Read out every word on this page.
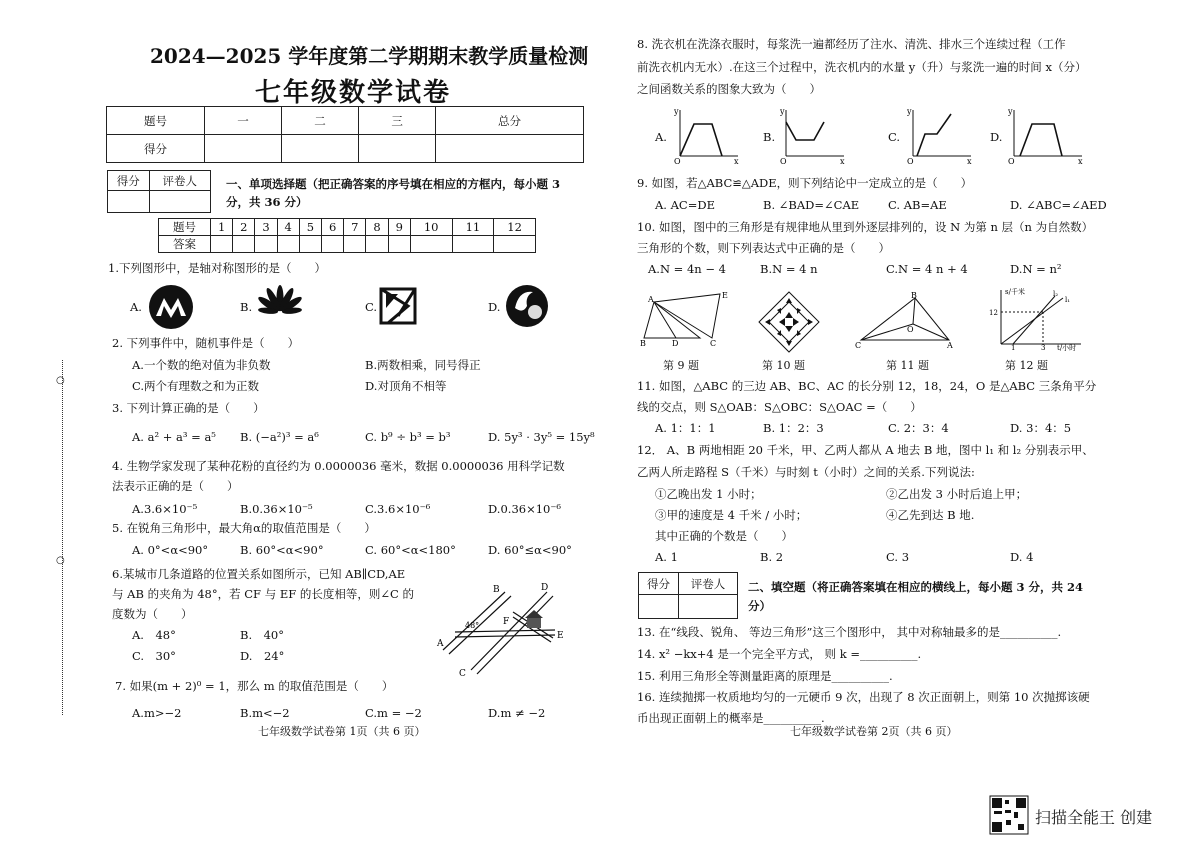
○
○
2024—2025 学年度第二学期期末教学质量检测
七年级数学试卷
题号	一	二	三	总分
得分				
得分	评卷人
		一、单项选择题（把正确答案的序号填在相应的方框内，每小题 3
分，共 36 分）
题号	1	2	3	4	5	6	7	8	9	10	11	12
答案												
1.下列图形中，是轴对称图形的是（　　）
A.	B.	C.	D.
2. 下列事件中，随机事件是（　　）
A.一个数的绝对值为非负数	B.两数相乘，同号得正
C.两个有理数之和为正数	D.对顶角不相等
3. 下列计算正确的是（　　）
A. a² + a³ = a⁵ B. (−a²)³ = a⁶	C. b⁹ ÷ b³ = b³	D. 5y³ · 3y⁵ = 15y⁸
4. 生物学家发现了某种花粉的直径约为 0.0000036 毫米，数据 0.0000036 用科学记数
法表示正确的是（　　）
A.3.6×10⁻⁵	B.0.36×10⁻⁵	C.3.6×10⁻⁶	D.0.36×10⁻⁶
5. 在锐角三角形中，最大角α的取值范围是（　　）
A. 0°<α<90°	B. 60°<α<90°	C. 60°<α<180°	D. 60°≤α<90°
6.某城市几条道路的位置关系如图所示，已知 AB∥CD,AE
与 AB 的夹角为 48°，若 CF 与 EF 的长度相等，则∠C 的
度数为（　　）
A.　48°	B.　40°
C.　30°	D.　24°
A
B
C
D
E
F
48°
7. 如果(m + 2)⁰ = 1，那么 m 的取值范围是（　　）
A.m>−2	B.m<−2	C.m = −2	D.m ≠ −2
七年级数学试卷第 1页（共 6 页）
8. 洗衣机在洗涤衣服时，每浆洗一遍都经历了注水、清洗、排水三个连续过程（工作
前洗衣机内无水）.在这三个过程中，洗衣机内的水量 y（升）与浆洗一遍的时间 x（分）
之间函数关系的图象大致为（　　）
A.
y
x
O
B.
y
x
O
C.
y
x
O
D.
y
x
O
9. 如图，若△ABC≌△ADE，则下列结论中一定成立的是（　　）
A. AC=DE	B. ∠BAD=∠CAE	C. AB=AE	D. ∠ABC=∠AED
10. 如图，图中的三角形是有规律地从里到外逐层排列的，设 N 为第 n 层（n 为自然数）
三角形的个数，则下列表达式中正确的是（　　）
A.N = 4n − 4	B.N = 4 n	C.N = 4 n + 4	D.N = n²
A
B	D	C
E
第 9 题	第 10 题
C
B
A
O
第 11 题
s/千米
t/小时
12
1	3
l₂
l₁
第 12 题
11. 如图，△ABC 的三边 AB、BC、AC 的长分别 12，18，24，O 是△ABC 三条角平分
线的交点，则 S△OAB：S△OBC：S△OAC =（　　）
A. 1：1：1	B. 1：2：3	C. 2：3：4	D. 3：4：5
12． A、B 两地相距 20 千米，甲、乙两人都从 A 地去 B 地，图中 l₁ 和 l₂ 分别表示甲、
乙两人所走路程 S（千米）与时刻 t（小时）之间的关系.下列说法:
①乙晚出发 1 小时；	②乙出发 3 小时后追上甲；
③甲的速度是 4 千米 / 小时；	④乙先到达 B 地.
其中正确的个数是（　　）
A. 1	B. 2	C. 3	D. 4
得分	评卷人
	二、填空题（将正确答案填在相应的横线上，每小题 3 分，共 24
分）
13. 在“线段、锐角、 等边三角形”这三个图形中， 其中对称轴最多的是__________.
14. x² −kx+4 是一个完全平方式， 则 k =__________.
15. 利用三角形全等测量距离的原理是__________.
16. 连续抛掷一枚质地均匀的一元硬币 9 次，出现了 8 次正面朝上，则第 10 次抛掷该硬
币出现正面朝上的概率是__________.
七年级数学试卷第 2页（共 6 页）
扫描全能王 创建
